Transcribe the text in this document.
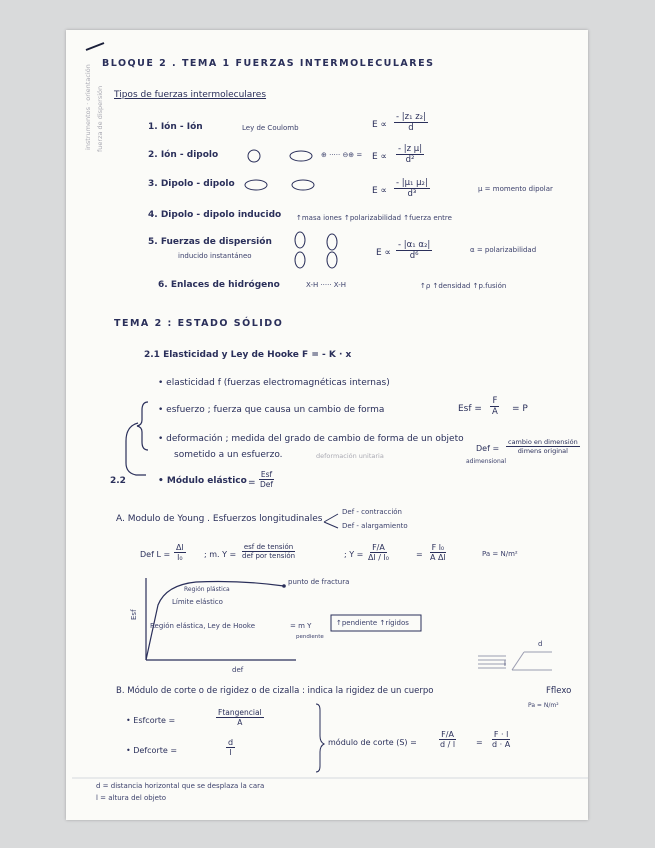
BLOQUE 2 . TEMA 1 FUERZAS INTERMOLECULARES
Tipos de fuerzas intermoleculares
instrumentos · orientación fuerza de dispersión	1. Ión - Ión	Ley de Coulomb	$E \propto \frac{\text{- |z₁ z₂|}}{d}$
2. Ión - dipolo	⊕ ····· ⊖⊕ = $E \propto \frac{\text{- |z μ|}}{\text{d²}}$
3. Dipolo - dipolo
$E \propto \frac{\text{- |μ₁ μ₂|}}{\text{d³}}$	μ = momento dipolar
4. Dipolo - dipolo inducido ↑masa iones ↑polarizabilidad ↑fuerza entre
5. Fuerzas de dispersión
inducido instantáneo	$E \propto \frac{\text{- |α₁ α₂|}}{\text{d⁶}}$	α = polarizabilidad
6. Enlaces de hidrógeno	X-H ····· X-H	↑ρ ↑densidad ↑p.fusión
TEMA 2 : ESTADO SÓLIDO
2.1 Elasticidad y Ley de Hooke F = - K · x
• elasticidad f (fuerzas electromagnéticas internas)
• esfuerzo ; fuerza que causa un cambio de forma	Esf = $\frac{F}{A} = P$
• deformación ; medida del grado de cambio de forma de un objeto
sometido a un esfuerzo.	deformación unitaria
Def =
cambio en dimensión
dimens original
adimensional
2.2	• Módulo elástico =
Esf
Def
A. Modulo de Young . Esfuerzos longitudinales
Def - contracción
Def - alargamiento
Def $L = \frac{\Delta l}{\text{l₀}}$ ; m. Y =
esf de tensión
def por tensión	; $Y = \frac{F/A}{\text{Δl / l₀}}$	= $\frac{\text{F l₀}}{\text{A Δl}}$	Pa = N/m²
Esf
def
punto de fractura
Región plástica
Límite elástico
Región elástica, Ley de Hooke	= m Y
pendiente
↑pendiente ↑rígidos
d
l
B. Módulo de corte o de rigidez o de cizalla : indica la rigidez de un cuerpo	Fflexo
Pa = N/m²
• Esfcorte =
Ftangencial
A
• Defcorte =	$\frac{d}{l}$	módulo de corte (S) =	$\frac{F/A}{d / l} = \frac{F \cdot l}{d \cdot A}$
d = distancia horizontal que se desplaza la cara
l = altura del objeto
